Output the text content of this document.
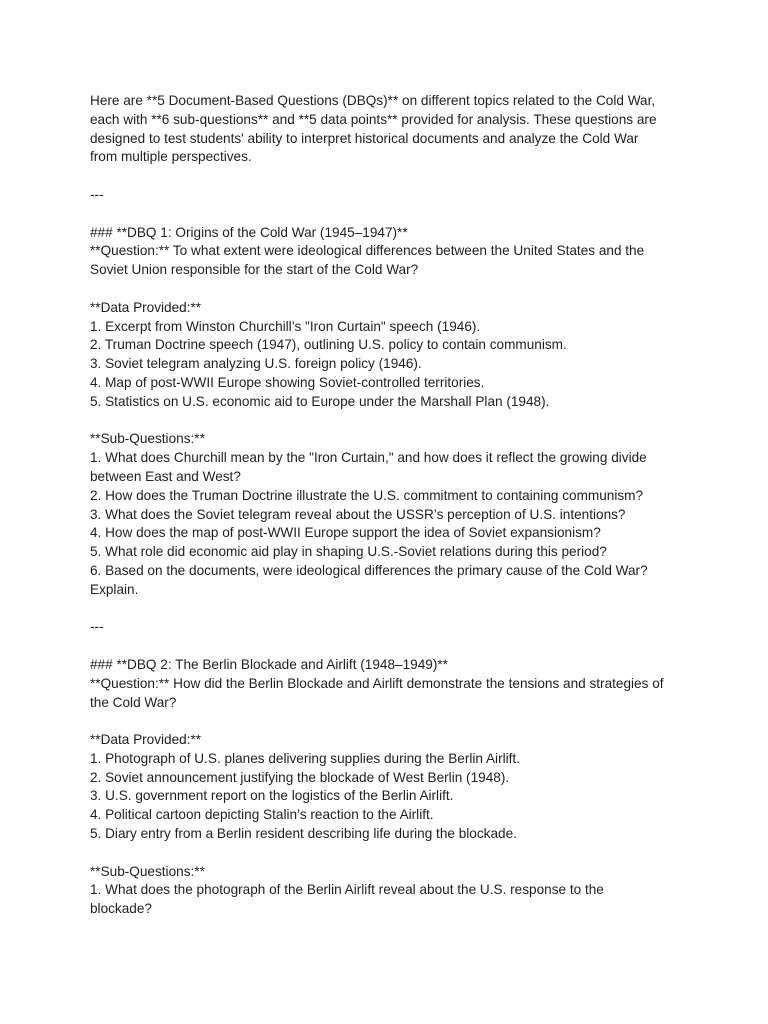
Here are **5 Document-Based Questions (DBQs)** on different topics related to the Cold War,
each with **6 sub-questions** and **5 data points** provided for analysis. These questions are
designed to test students' ability to interpret historical documents and analyze the Cold War
from multiple perspectives.
---
### **DBQ 1: Origins of the Cold War (1945–1947)**
**Question:** To what extent were ideological differences between the United States and the
Soviet Union responsible for the start of the Cold War?
**Data Provided:**
1. Excerpt from Winston Churchill’s "Iron Curtain" speech (1946).
2. Truman Doctrine speech (1947), outlining U.S. policy to contain communism.
3. Soviet telegram analyzing U.S. foreign policy (1946).
4. Map of post-WWII Europe showing Soviet-controlled territories.
5. Statistics on U.S. economic aid to Europe under the Marshall Plan (1948).
**Sub-Questions:**
1. What does Churchill mean by the "Iron Curtain," and how does it reflect the growing divide
between East and West?
2. How does the Truman Doctrine illustrate the U.S. commitment to containing communism?
3. What does the Soviet telegram reveal about the USSR’s perception of U.S. intentions?
4. How does the map of post-WWII Europe support the idea of Soviet expansionism?
5. What role did economic aid play in shaping U.S.-Soviet relations during this period?
6. Based on the documents, were ideological differences the primary cause of the Cold War?
Explain.
---
### **DBQ 2: The Berlin Blockade and Airlift (1948–1949)**
**Question:** How did the Berlin Blockade and Airlift demonstrate the tensions and strategies of
the Cold War?
**Data Provided:**
1. Photograph of U.S. planes delivering supplies during the Berlin Airlift.
2. Soviet announcement justifying the blockade of West Berlin (1948).
3. U.S. government report on the logistics of the Berlin Airlift.
4. Political cartoon depicting Stalin’s reaction to the Airlift.
5. Diary entry from a Berlin resident describing life during the blockade.
**Sub-Questions:**
1. What does the photograph of the Berlin Airlift reveal about the U.S. response to the
blockade?
